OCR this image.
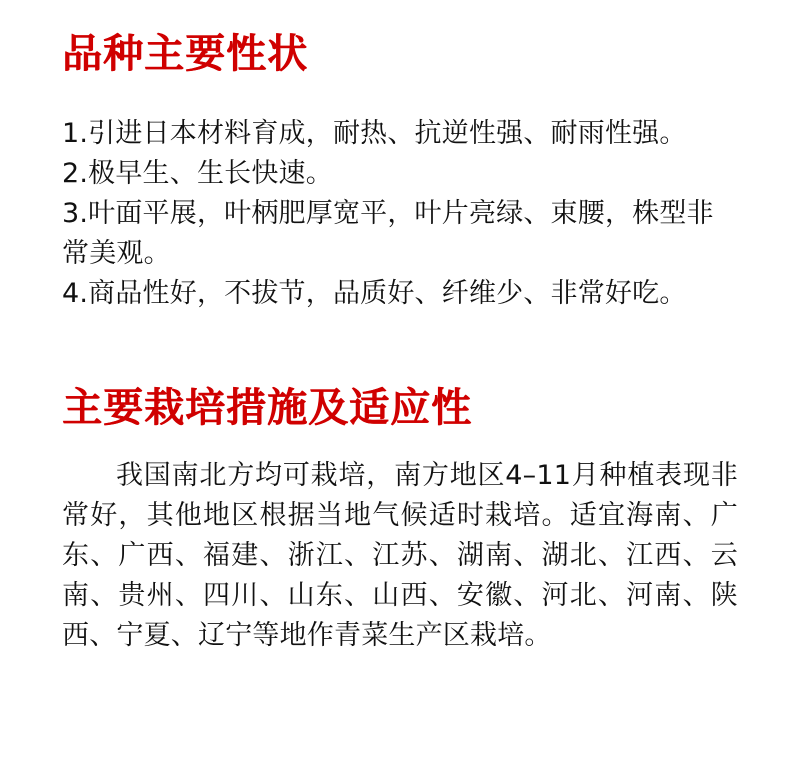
品种主要性状

1.引进日本材料育成，耐热、抗逆性强、耐雨性强。

2.极早生、生长快速。

3.叶面平展，叶柄肥厚宽平，叶片亮绿、束腰，株型非常美观。

4.商品性好，不拔节，品质好、纤维少、非常好吃。

主要栽培措施及适应性

我国南北方均可栽培，南方地区4–11月种植表现非常好，其他地区根据当地气候适时栽培。适宜海南、广东、广西、福建、浙江、江苏、湖南、湖北、江西、云南、贵州、四川、山东、山西、安徽、河北、河南、陕西、宁夏、辽宁等地作青菜生产区栽培。
